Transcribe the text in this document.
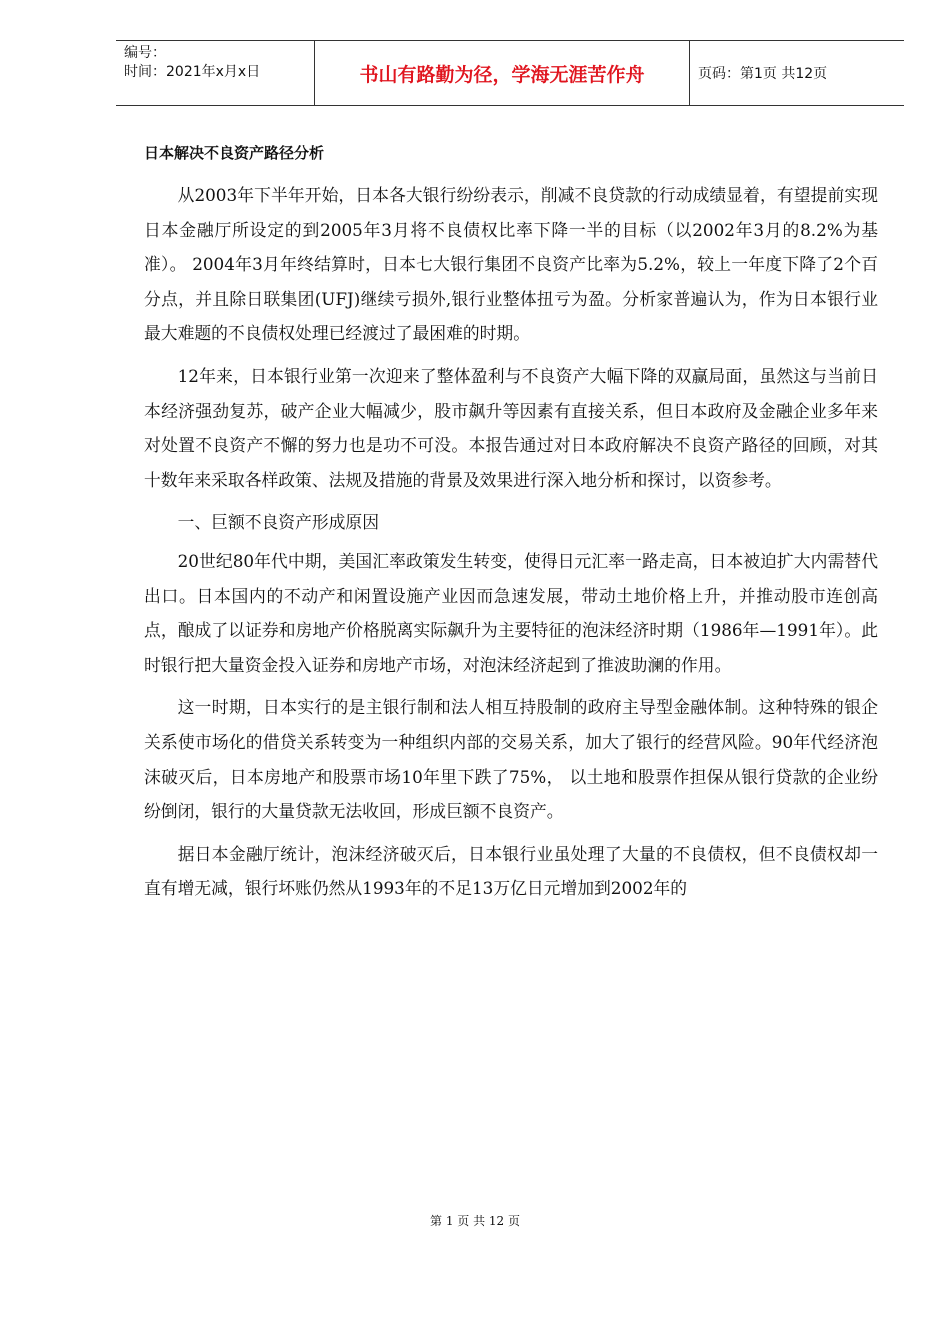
编号：
时间：2021年x月x日	书山有路勤为径，学海无涯苦作舟	页码：第1页 共12页
日本解决不良资产路径分析

从2003年下半年开始，日本各大银行纷纷表示，削减不良贷款的行动成绩显着，有望提前实现日本金融厅所设定的到2005年3月将不良债权比率下降一半的目标（以2002年3月的8.2%为基准）。 2004年3月年终结算时，日本七大银行集团不良资产比率为5.2%，较上一年度下降了2个百分点，并且除日联集团(UFJ)继续亏损外,银行业整体扭亏为盈。分析家普遍认为，作为日本银行业最大难题的不良债权处理已经渡过了最困难的时期。

12年来，日本银行业第一次迎来了整体盈利与不良资产大幅下降的双赢局面，虽然这与当前日本经济强劲复苏，破产企业大幅减少，股市飙升等因素有直接关系，但日本政府及金融企业多年来对处置不良资产不懈的努力也是功不可没。本报告通过对日本政府解决不良资产路径的回顾，对其十数年来采取各样政策、法规及措施的背景及效果进行深入地分析和探讨，以资参考。

一、巨额不良资产形成原因

20世纪80年代中期，美国汇率政策发生转变，使得日元汇率一路走高，日本被迫扩大内需替代出口。日本国内的不动产和闲置设施产业因而急速发展，带动土地价格上升，并推动股市连创高点，酿成了以证券和房地产价格脱离实际飙升为主要特征的泡沫经济时期（1986年—1991年）。此时银行把大量资金投入证券和房地产市场，对泡沫经济起到了推波助澜的作用。

这一时期，日本实行的是主银行制和法人相互持股制的政府主导型金融体制。这种特殊的银企关系使市场化的借贷关系转变为一种组织内部的交易关系，加大了银行的经营风险。90年代经济泡沫破灭后，日本房地产和股票市场10年里下跌了75%， 以土地和股票作担保从银行贷款的企业纷纷倒闭，银行的大量贷款无法收回，形成巨额不良资产。

据日本金融厅统计，泡沫经济破灭后，日本银行业虽处理了大量的不良债权，但不良债权却一直有增无减，银行坏账仍然从1993年的不足13万亿日元增加到2002年的

第 1 页 共 12 页
